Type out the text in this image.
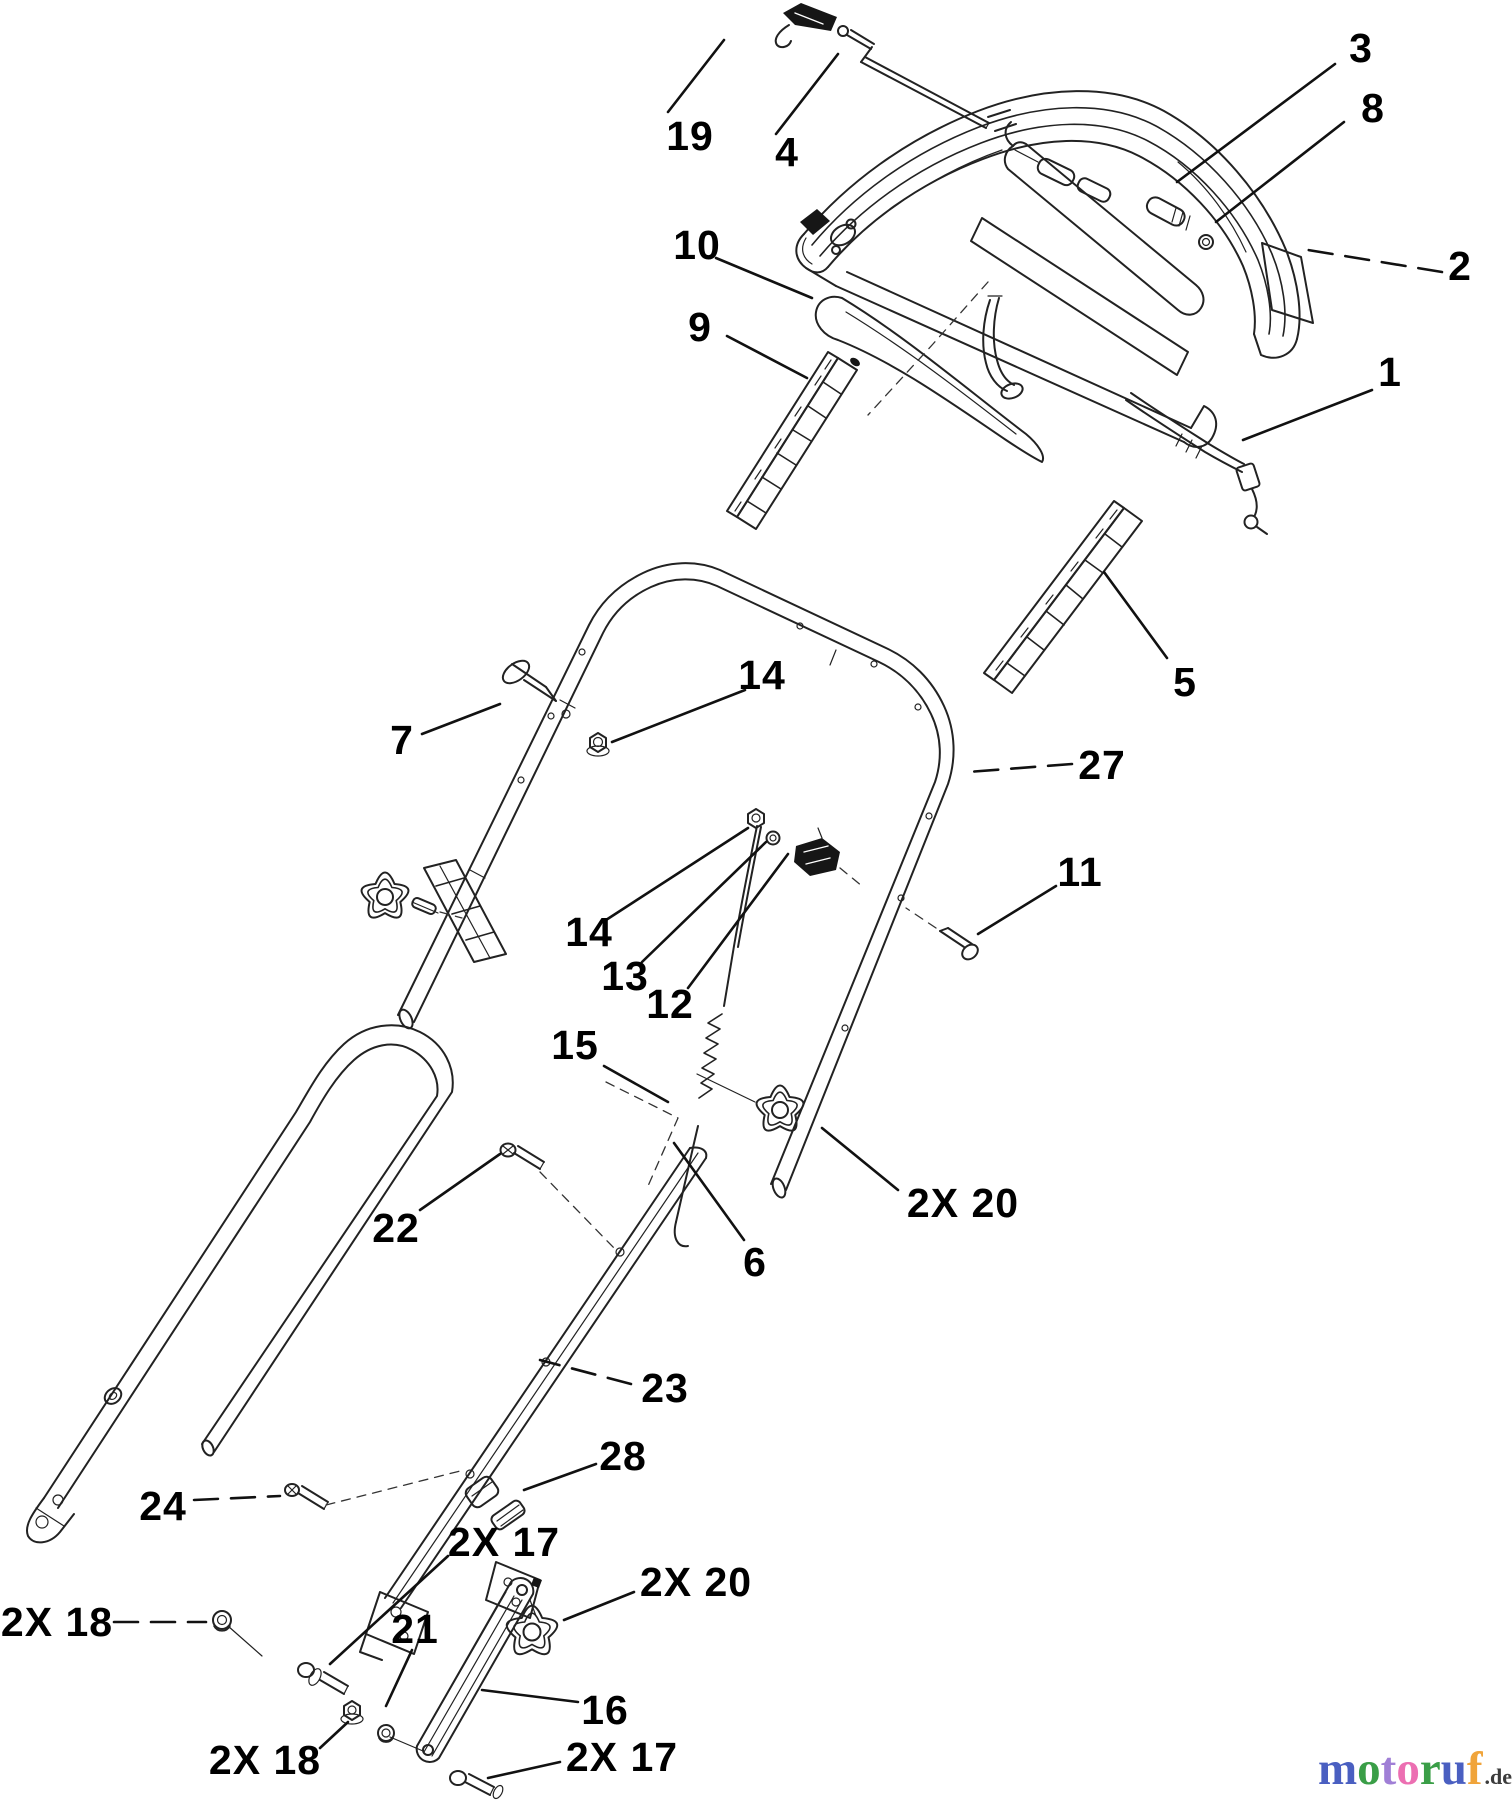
19 4
3
8
2
10
9
1
5
14
7
27
14
13
12
11
15
2X 20
22
6
23
24
28
2X 17
2X 20
2X 18	21
16
2X 18	2X 17	motoruf.de
